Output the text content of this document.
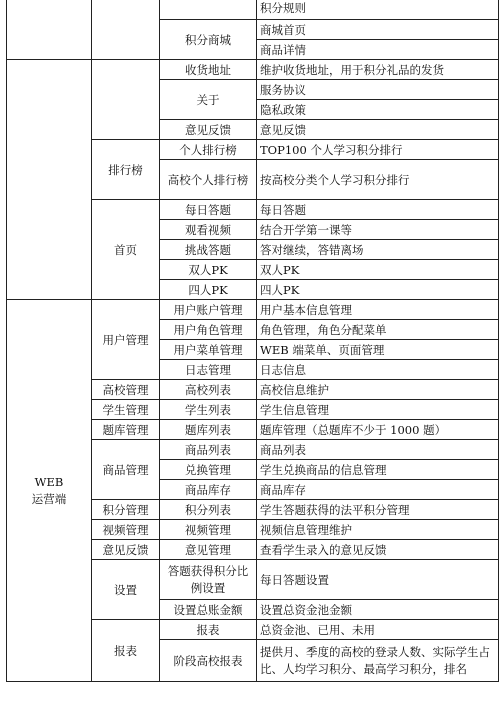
			积分规则
		积分商城	商城首页
			商品详情
		收货地址	维护收货地址，用于积分礼品的发货
		关于	服务协议
			隐私政策
		意见反馈	意见反馈
	排行榜	个人排行榜	TOP100 个人学习积分排行
		高校个人排行榜	按高校分类个人学习积分排行
	首页	每日答题	每日答题
		观看视频	结合开学第一课等
		挑战答题	答对继续，答错离场
		双人PK	双人PK
		四人PK	四人PK
WEB
运营端	用户管理	用户账户管理	用户基本信息管理
		用户角色管理	角色管理，角色分配菜单
		用户菜单管理	WEB 端菜单、页面管理
		日志管理	日志信息
	高校管理	高校列表	高校信息维护
	学生管理	学生列表	学生信息管理
	题库管理	题库列表	题库管理（总题库不少于 1000 题）
	商品管理	商品列表	商品列表
		兑换管理	学生兑换商品的信息管理
		商品库存	商品库存
	积分管理	积分列表	学生答题获得的法平积分管理
	视频管理	视频管理	视频信息管理维护
	意见反馈	意见管理	查看学生录入的意见反馈
	设置	答题获得积分比例设置	每日答题设置
		设置总账金额	设置总资金池金额
	报表	报表	总资金池、已用、未用
		阶段高校报表	提供月、季度的高校的登录人数、实际学生占比、人均学习积分、最高学习积分，排名
